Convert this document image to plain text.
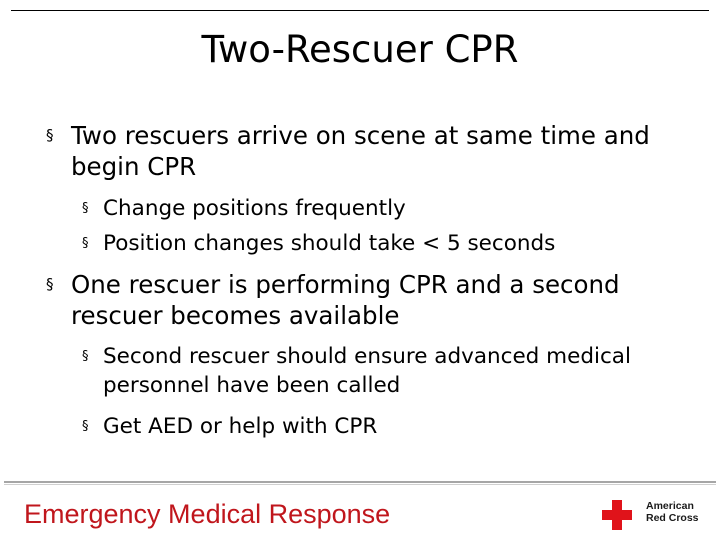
Two-Rescuer CPR
§ Two rescuers arrive on scene at same time and begin CPR
§ Change positions frequently
§ Position changes should take < 5 seconds
§ One rescuer is performing CPR and a second rescuer becomes available
§ Second rescuer should ensure advanced medical personnel have been called
§ Get AED or help with CPR
Emergency Medical Response	American
Red Cross
